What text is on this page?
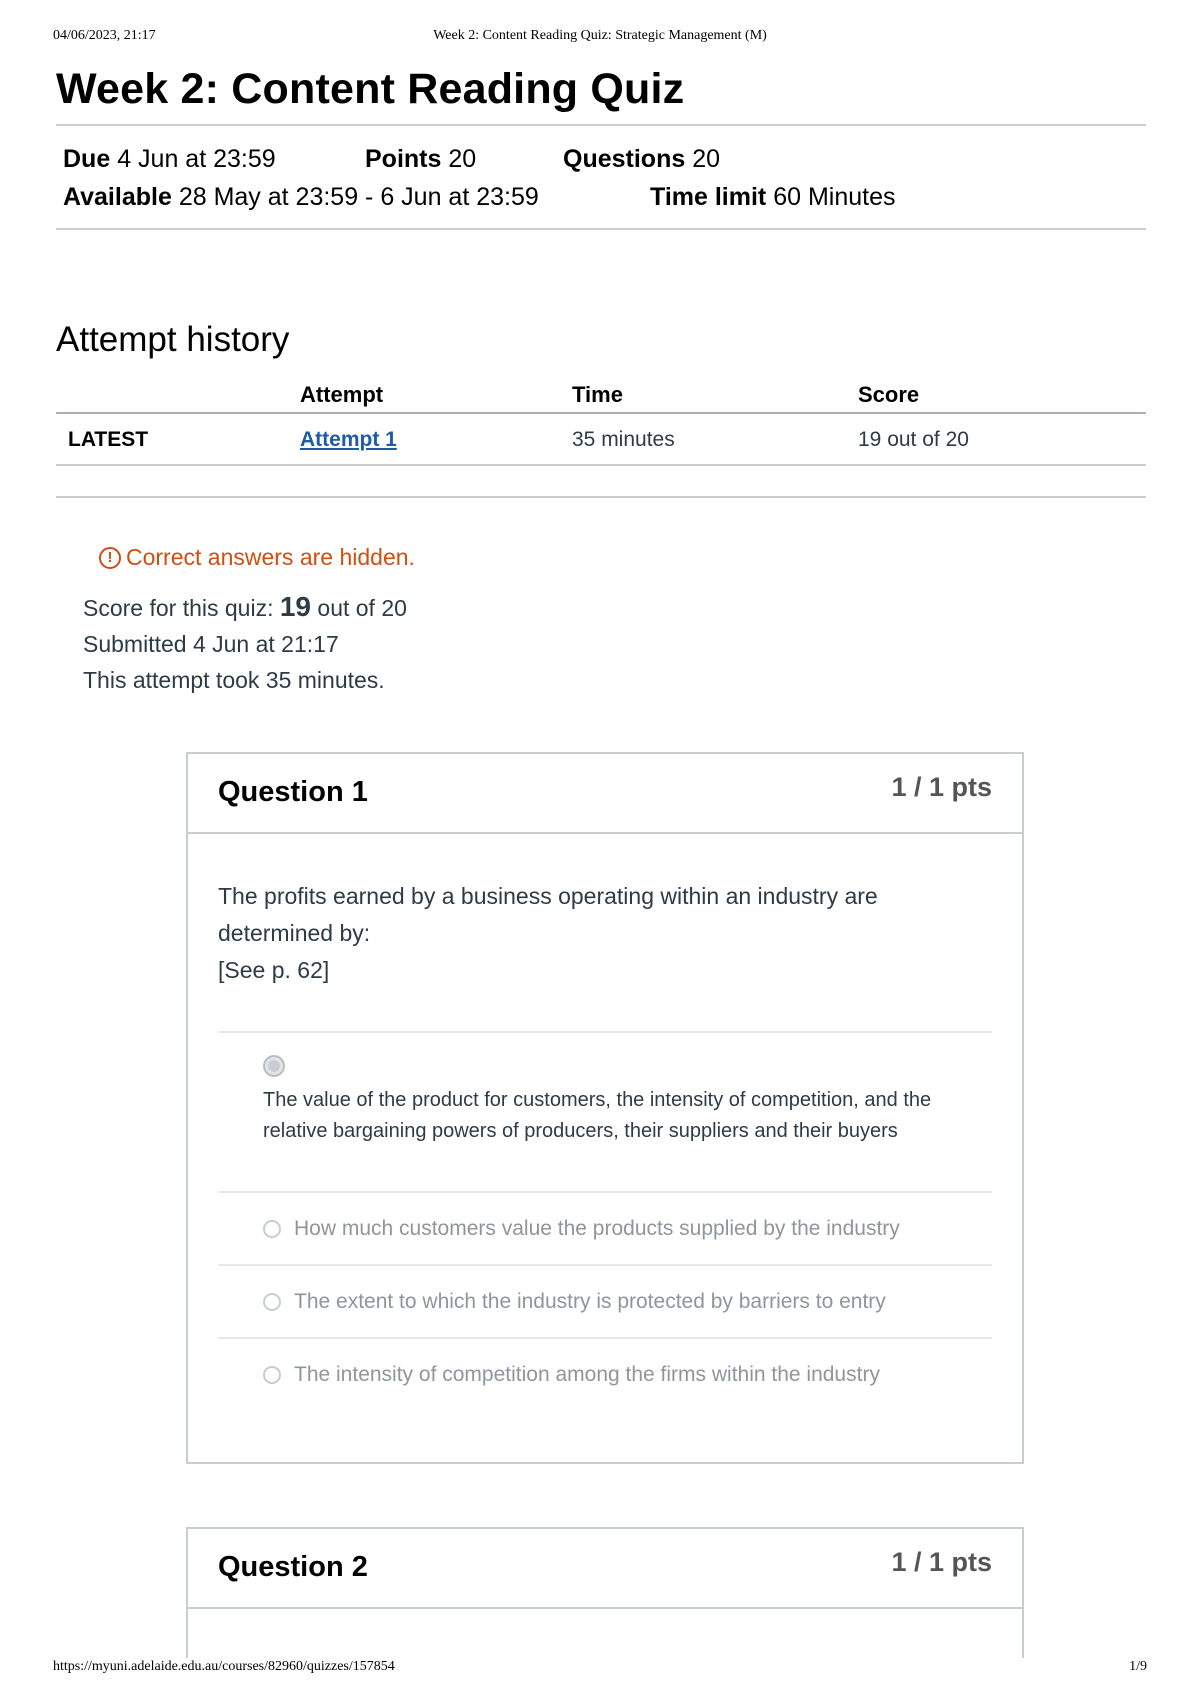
04/06/2023, 21:17	Week 2: Content Reading Quiz: Strategic Management (M)
Week 2: Content Reading Quiz
Due 4 Jun at 23:59	Points 20	Questions 20
Available 28 May at 23:59 - 6 Jun at 23:59	Time limit 60 Minutes
Attempt history
	Attempt	Time	Score
LATEST	Attempt 1	35 minutes	19 out of 20
! Correct answers are hidden.
Score for this quiz: 19 out of 20
Submitted 4 Jun at 21:17
This attempt took 35 minutes.
Question 1	1 / 1 pts

The profits earned by a business operating within an industry are determined by:

[See p. 62]

The value of the product for customers, the intensity of competition, and the relative bargaining powers of producers, their suppliers and their buyers
How much customers value the products supplied by the industry
The extent to which the industry is protected by barriers to entry
The intensity of competition among the firms within the industry
Question 2	1 / 1 pts
https://myuni.adelaide.edu.au/courses/82960/quizzes/157854	1/9
